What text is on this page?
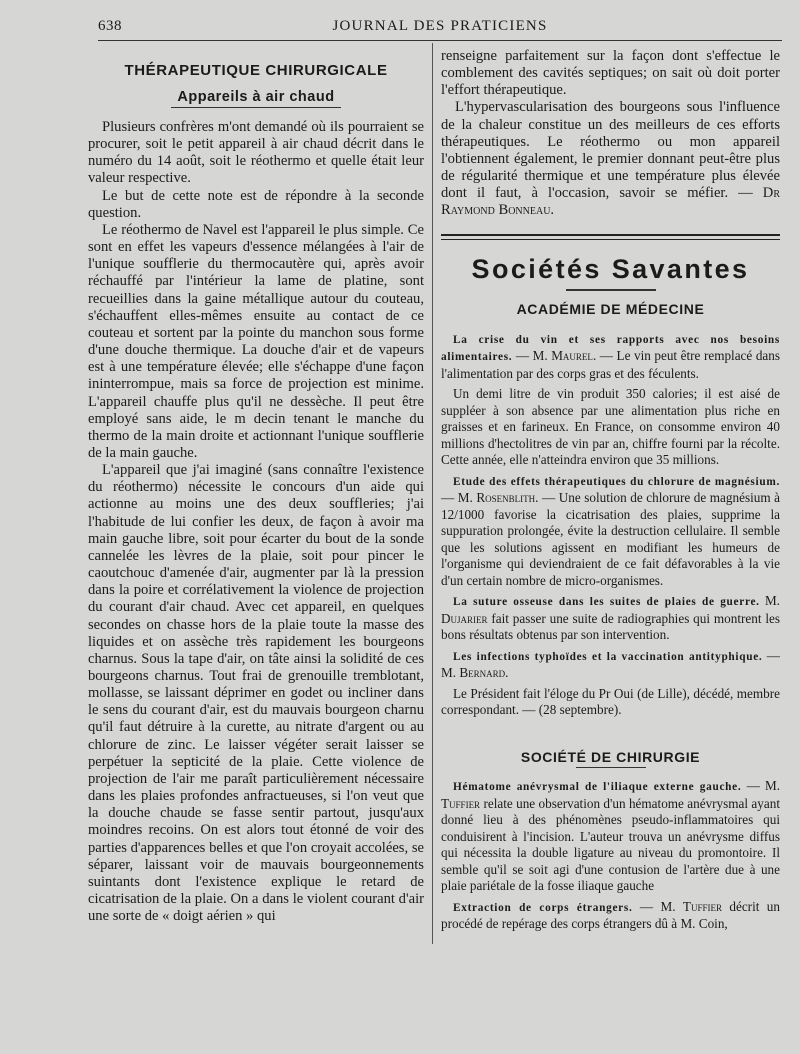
638	JOURNAL DES PRATICIENS
THÉRAPEUTIQUE CHIRURGICALE
Appareils à air chaud

Plusieurs confrères m'ont demandé où ils pourraient se procurer, soit le petit appareil à air chaud décrit dans le numéro du 14 août, soit le réothermo et quelle était leur valeur respective.

Le but de cette note est de répondre à la seconde question.

Le réothermo de Navel est l'appareil le plus simple. Ce sont en effet les vapeurs d'essence mélangées à l'air de l'unique soufflerie du thermocautère qui, après avoir réchauffé par l'intérieur la lame de platine, sont recueillies dans la gaine métallique autour du couteau, s'échauffent elles-mêmes ensuite au contact de ce couteau et sortent par la pointe du manchon sous forme d'une douche thermique. La douche d'air et de vapeurs est à une température élevée; elle s'échappe d'une façon ininterrompue, mais sa force de projection est minime. L'appareil chauffe plus qu'il ne dessèche. Il peut être employé sans aide, le m decin tenant le manche du thermo de la main droite et actionnant l'unique soufflerie de la main gauche.

L'appareil que j'ai imaginé (sans connaître l'existence du réothermo) nécessite le concours d'un aide qui actionne au moins une des deux souffleries; j'ai l'habitude de lui confier les deux, de façon à avoir ma main gauche libre, soit pour écarter du bout de la sonde cannelée les lèvres de la plaie, soit pour pincer le caoutchouc d'amenée d'air, augmenter par là la pression dans la poire et corrélativement la violence de projection du courant d'air chaud. Avec cet appareil, en quelques secondes on chasse hors de la plaie toute la masse des liquides et on assèche très rapidement les bourgeons charnus. Sous la tape d'air, on tâte ainsi la solidité de ces bourgeons charnus. Tout frai de grenouille tremblotant, mollasse, se laissant déprimer en godet ou incliner dans le sens du courant d'air, est du mauvais bourgeon charnu qu'il faut détruire à la curette, au nitrate d'argent ou au chlorure de zinc. Le laisser végéter serait laisser se perpétuer la septicité de la plaie. Cette violence de projection de l'air me paraît particulièrement nécessaire dans les plaies profondes anfractueuses, si l'on veut que la douche chaude se fasse sentir partout, jusqu'aux moindres recoins. On est alors tout étonné de voir des parties d'apparences belles et que l'on croyait accolées, se séparer, laissant voir de mauvais bourgeonnements suintants dont l'existence explique le retard de cicatrisation de la plaie. On a dans le violent courant d'air une sorte de « doigt aérien » qui

renseigne parfaitement sur la façon dont s'effectue le comblement des cavités septiques; on sait où doit porter l'effort thérapeutique.

L'hypervascularisation des bourgeons sous l'influence de la chaleur constitue un des meilleurs de ces efforts thérapeutiques. Le réothermo ou mon appareil l'obtiennent également, le premier donnant peut-être plus de régularité thermique et une température plus élevée dont il faut, à l'occasion, savoir se méfier. — Dr Raymond Bonneau.

Sociétés Savantes
ACADÉMIE DE MÉDECINE

La crise du vin et ses rapports avec nos besoins alimentaires. — M. Maurel. — Le vin peut être remplacé dans l'alimentation par des corps gras et des féculents.

Un demi litre de vin produit 350 calories; il est aisé de suppléer à son absence par une alimentation plus riche en graisses et en farineux. En France, on consomme environ 40 millions d'hectolitres de vin par an, chiffre fourni par la récolte. Cette année, elle n'atteindra environ que 35 millions.

Etude des effets thérapeutiques du chlorure de magnésium. — M. Rosenblith. — Une solution de chlorure de magnésium à 12/1000 favorise la cicatrisation des plaies, supprime la suppuration prolongée, évite la destruction cellulaire. Il semble que les solutions agissent en modifiant les humeurs de l'organisme qui deviendraient de ce fait défavorables à la vie d'un certain nombre de micro-organismes.

La suture osseuse dans les suites de plaies de guerre. M. Dujarier fait passer une suite de radiographies qui montrent les bons résultats obtenus par son intervention.

Les infections typhoïdes et la vaccination antityphique. — M. Bernard.

Le Président fait l'éloge du Pr Oui (de Lille), décédé, membre correspondant. — (28 septembre).

SOCIÉTÉ DE CHIRURGIE

Hématome anévrysmal de l'iliaque externe gauche. — M. Tuffier relate une observation d'un hématome anévrysmal ayant donné lieu à des phénomènes pseudo-inflammatoires qui conduisirent à l'incision. L'auteur trouva un anévrysme diffus qui nécessita la double ligature au niveau du promontoire. Il semble qu'il se soit agi d'une contusion de l'artère due à une plaie pariétale de la fosse iliaque gauche

Extraction de corps étrangers. — M. Tuffier décrit un procédé de repérage des corps étrangers dû à M. Coin,
